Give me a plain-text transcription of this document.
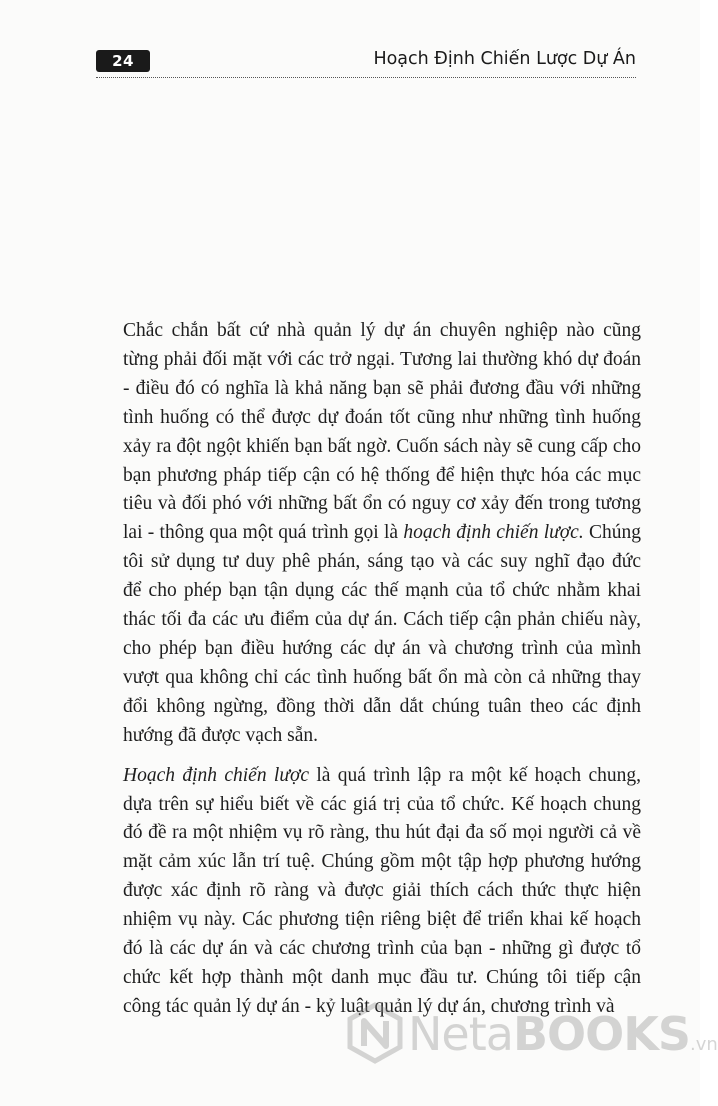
24	Hoạch Định Chiến Lược Dự Án

Chắc chắn bất cứ nhà quản lý dự án chuyên nghiệp nào cũng
từng phải đối mặt với các trở ngại. Tương lai thường khó dự đoán
- điều đó có nghĩa là khả năng bạn sẽ phải đương đầu với những
tình huống có thể được dự đoán tốt cũng như những tình huống
xảy ra đột ngột khiến bạn bất ngờ. Cuốn sách này sẽ cung cấp cho
bạn phương pháp tiếp cận có hệ thống để hiện thực hóa các mục
tiêu và đối phó với những bất ổn có nguy cơ xảy đến trong tương
lai - thông qua một quá trình gọi là hoạch định chiến lược. Chúng
tôi sử dụng tư duy phê phán, sáng tạo và các suy nghĩ đạo đức
để cho phép bạn tận dụng các thế mạnh của tổ chức nhằm khai
thác tối đa các ưu điểm của dự án. Cách tiếp cận phản chiếu này,
cho phép bạn điều hướng các dự án và chương trình của mình
vượt qua không chỉ các tình huống bất ổn mà còn cả những thay
đổi không ngừng, đồng thời dẫn dắt chúng tuân theo các định
hướng đã được vạch sẵn.

Hoạch định chiến lược là quá trình lập ra một kế hoạch chung,
dựa trên sự hiểu biết về các giá trị của tổ chức. Kế hoạch chung
đó đề ra một nhiệm vụ rõ ràng, thu hút đại đa số mọi người cả về
mặt cảm xúc lẫn trí tuệ. Chúng gồm một tập hợp phương hướng
được xác định rõ ràng và được giải thích cách thức thực hiện
nhiệm vụ này. Các phương tiện riêng biệt để triển khai kế hoạch
đó là các dự án và các chương trình của bạn - những gì được tổ
chức kết hợp thành một danh mục đầu tư. Chúng tôi tiếp cận
công tác quản lý dự án - kỷ luật quản lý dự án, chương trình và

NetaBOOKS.vn
